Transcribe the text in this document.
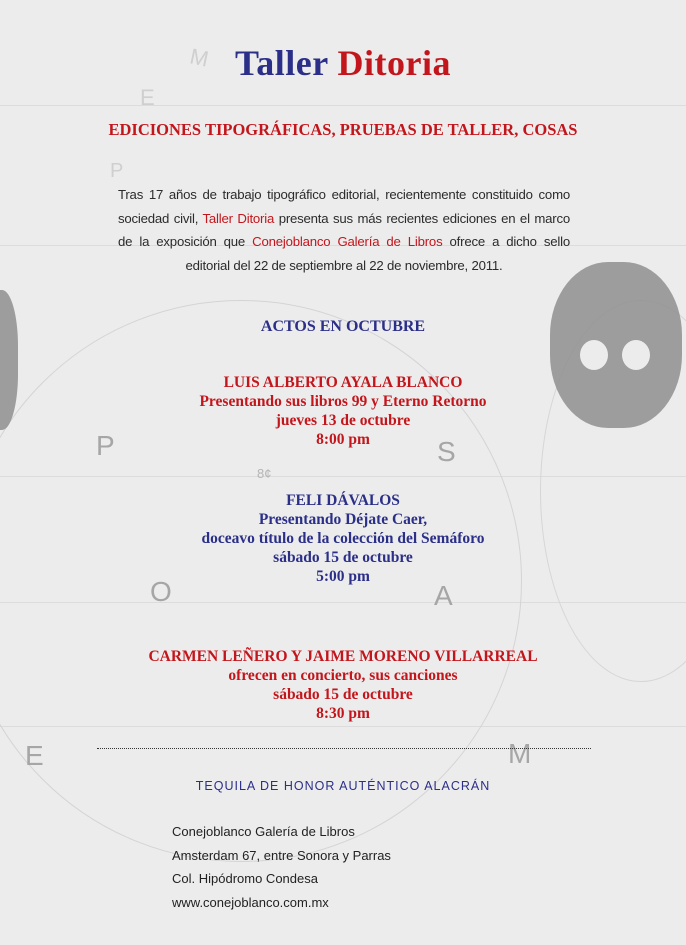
M
E
P
P	S
8¢
O	A
E	M
Taller Ditoria
EDICIONES TIPOGRÁFICAS, PRUEBAS DE TALLER, COSAS
Tras 17 años de trabajo tipográfico editorial, recientemente constituido como sociedad civil, Taller Ditoria presenta sus más recientes ediciones en el marco de la exposición que Conejoblanco Galería de Libros ofrece a dicho sello editorial del 22 de septiembre al 22 de noviembre, 2011.
ACTOS EN OCTUBRE
LUIS ALBERTO AYALA BLANCO
Presentando sus libros 99 y Eterno Retorno
jueves 13 de octubre
8:00 pm
FELI DÁVALOS
Presentando Déjate Caer,
doceavo título de la colección del Semáforo
sábado 15 de octubre
5:00 pm
CARMEN LEÑERO Y JAIME MORENO VILLARREAL
ofrecen en concierto, sus canciones
sábado 15 de octubre
8:30 pm
TEQUILA DE HONOR AUTÉNTICO ALACRÁN
Conejoblanco Galería de Libros
Amsterdam 67, entre Sonora y Parras
Col. Hipódromo Condesa
www.conejoblanco.com.mx
